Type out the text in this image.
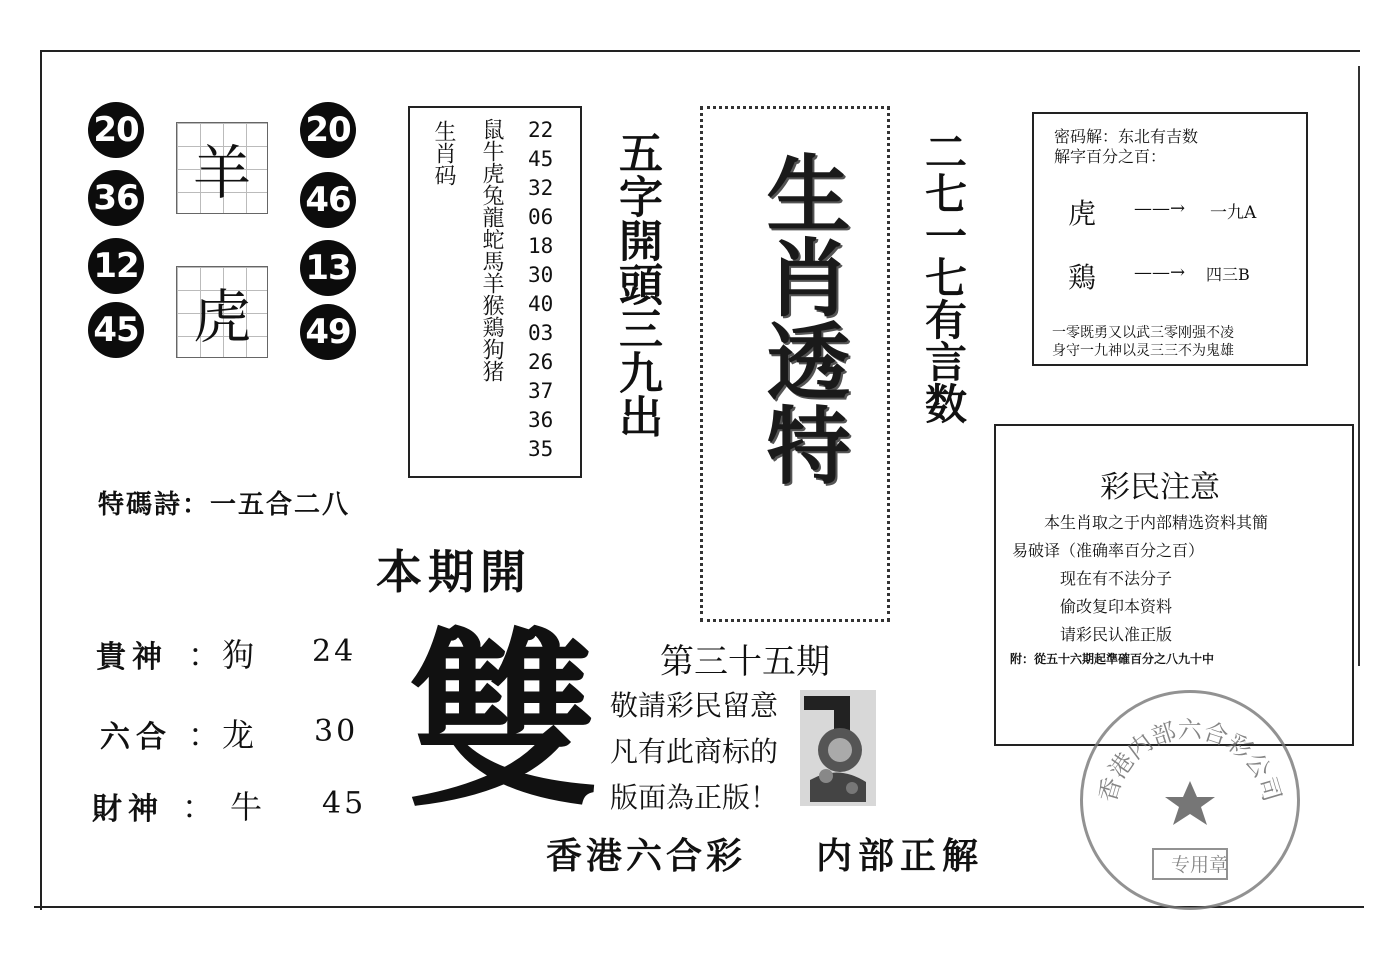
20
36
12
45
20
46
13
49
羊
虎
生肖码 鼠牛虎兔龍蛇馬羊猴鶏狗猪 22
45
32
06
18
30
40
03
26
37
36
35
五字開頭三九出 生肖透特 二七一七有言数	密码解：东北有吉数
解字百分之百：
虎 ——→ 一九A
鶏 ——→ 四三B
一零既勇又以武三零刚强不凌
身守一九神以灵三三不为鬼雄
彩民注意
本生肖取之于内部精选资料其簡
易破译（准确率百分之百）
现在有不法分子
偷改复印本资料
请彩民认准正版
附：從五十六期起準確百分之八九十中
特碼詩：一五合二八
本期開
雙 第三十五期
貴神 ： 狗 24
六合 ： 龙 30
財神 ： 牛 45
敬請彩民留意
凡有此商标的
版面為正版！
香港六合彩 内部正解
香港内部六合彩公司
专用章
